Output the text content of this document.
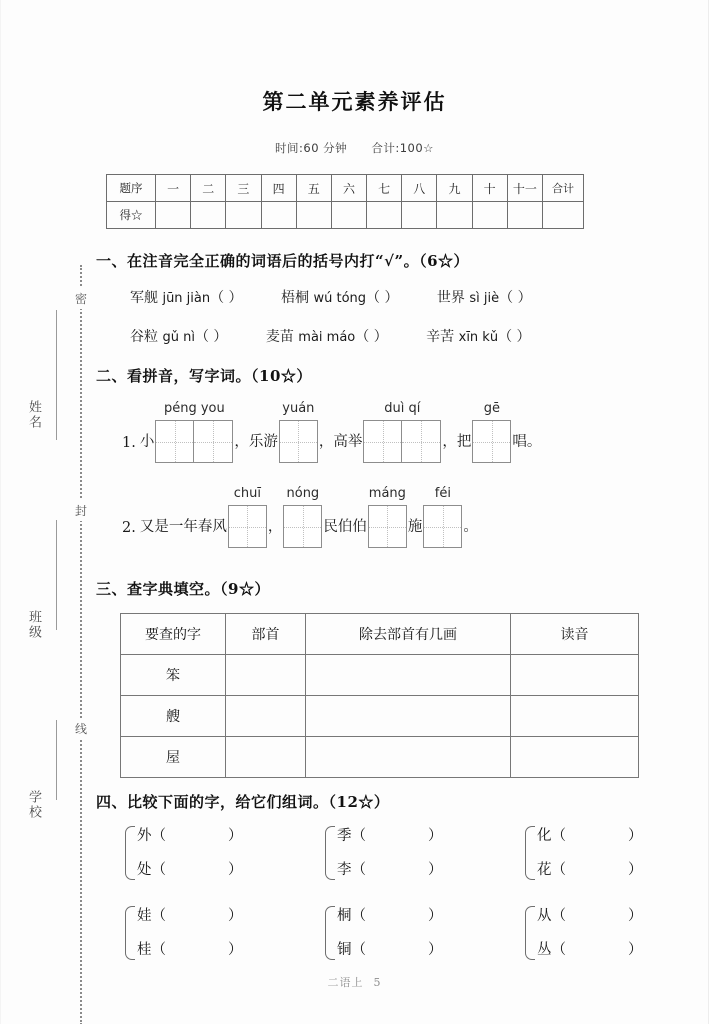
姓名
班级
学校
密
封
线
第二单元素养评估
时间:60 分钟 合计:100☆
题序	一	二	三	四	五	六	七	八	九	十	十一	合计
得☆												
一、在注音完全正确的词语后的括号内打“√”。（6☆）
军舰 jūn jiàn（ ）	梧桐 wú tóng（ ）	世界 sì jiè（ ）
谷粒 gǔ nì（ ）	麦苗 mài máo（ ）	辛苦 xīn kǔ（ ）
二、看拼音，写字词。（10☆）
1. 小
péng you
，乐游
yuán
，高举
duì qí
，把
gē
唱。
2. 又是一年春风
chuī
，
nóng
民伯伯
máng
施
féi
。
三、查字典填空。（9☆）
要查的字	部首	除去部首有几画	读音
笨			
艘			
屋			
四、比较下面的字，给它们组词。（12☆）
外（	）
处（	）
季（	）
李（	）
化（	）
花（	）
娃（	）
桂（	）
桐（	）
铜（	）
从（	）
丛（	）
二语上 5
